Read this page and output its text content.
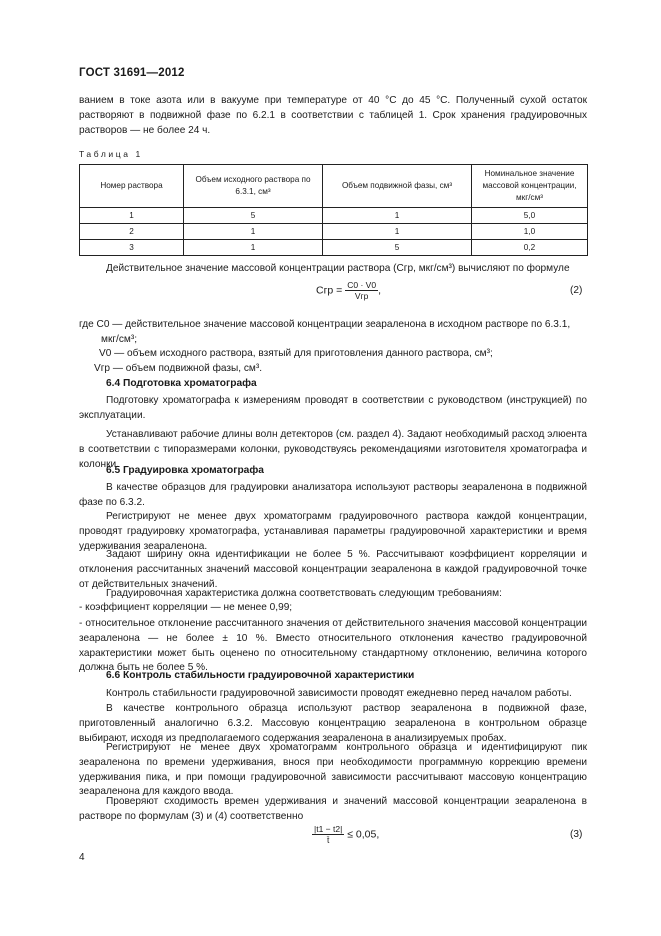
ГОСТ 31691—2012
ванием в токе азота или в вакууме при температуре от 40 °С до 45 °С. Полученный сухой остаток растворяют в подвижной фазе по 6.2.1 в соответствии с таблицей 1. Срок хранения градуировочных растворов — не более 24 ч.
Таблица 1
Номер раствора	Объем исходного раствора по 6.3.1, см³	Объем подвижной фазы, см³	Номинальное значение массовой концентрации, мкг/см³
1	5	1	5,0
2	1	1	1,0
3	1	5	0,2
Действительное значение массовой концентрации раствора (Cгр, мкг/см³) вычисляют по формуле
Cгр = $\frac{C0 \cdot V0}{\text{Vгр}}$ ,	(2)
где C0 — действительное значение массовой концентрации зеараленона в исходном растворе по 6.3.1, мкг/см³;
V0 — объем исходного раствора, взятый для приготовления данного раствора, см³;
Vгр — объем подвижной фазы, см³.
6.4 Подготовка хроматографа
Подготовку хроматографа к измерениям проводят в соответствии с руководством (инструкцией) по эксплуатации.
Устанавливают рабочие длины волн детекторов (см. раздел 4). Задают необходимый расход элюента в соответствии с типоразмерами колонки, руководствуясь рекомендациями изготовителя хроматографа и колонки.
6.5 Градуировка хроматографа
В качестве образцов для градуировки анализатора используют растворы зеараленона в подвижной фазе по 6.3.2.
Регистрируют не менее двух хроматограмм градуировочного раствора каждой концентрации, проводят градуировку хроматографа, устанавливая параметры градуировочной характеристики и время удерживания зеараленона.
Задают ширину окна идентификации не более 5 %. Рассчитывают коэффициент корреляции и отклонения рассчитанных значений массовой концентрации зеараленона в каждой градуировочной точке от действительных значений.
Градуировочная характеристика должна соответствовать следующим требованиям:
- коэффициент корреляции — не менее 0,99;
- относительное отклонение рассчитанного значения от действительного значения массовой концентрации зеараленона — не более ± 10 %. Вместо относительного отклонения качество градуировочной характеристики может быть оценено по относительному стандартному отклонению, величина которого должна быть не более 5 %.
6.6 Контроль стабильности градуировочной характеристики
Контроль стабильности градуировочной зависимости проводят ежедневно перед началом работы.
В качестве контрольного образца используют раствор зеараленона в подвижной фазе, приготовленный аналогично 6.3.2. Массовую концентрацию зеараленона в контрольном образце выбирают, исходя из предполагаемого содержания зеараленона в анализируемых пробах.
Регистрируют не менее двух хроматограмм контрольного образца и идентифицируют пик зеараленона по времени удерживания, внося при необходимости программную коррекцию времени удерживания пика, и при помощи градуировочной зависимости рассчитывают массовую концентрацию зеараленона для каждого ввода.
Проверяют сходимость времен удерживания и значений массовой концентрации зеараленона в растворе по формулам (3) и (4) соответственно
$\frac{|t1 - t2|}{t̄} \le 0,05$,	(3)
4
